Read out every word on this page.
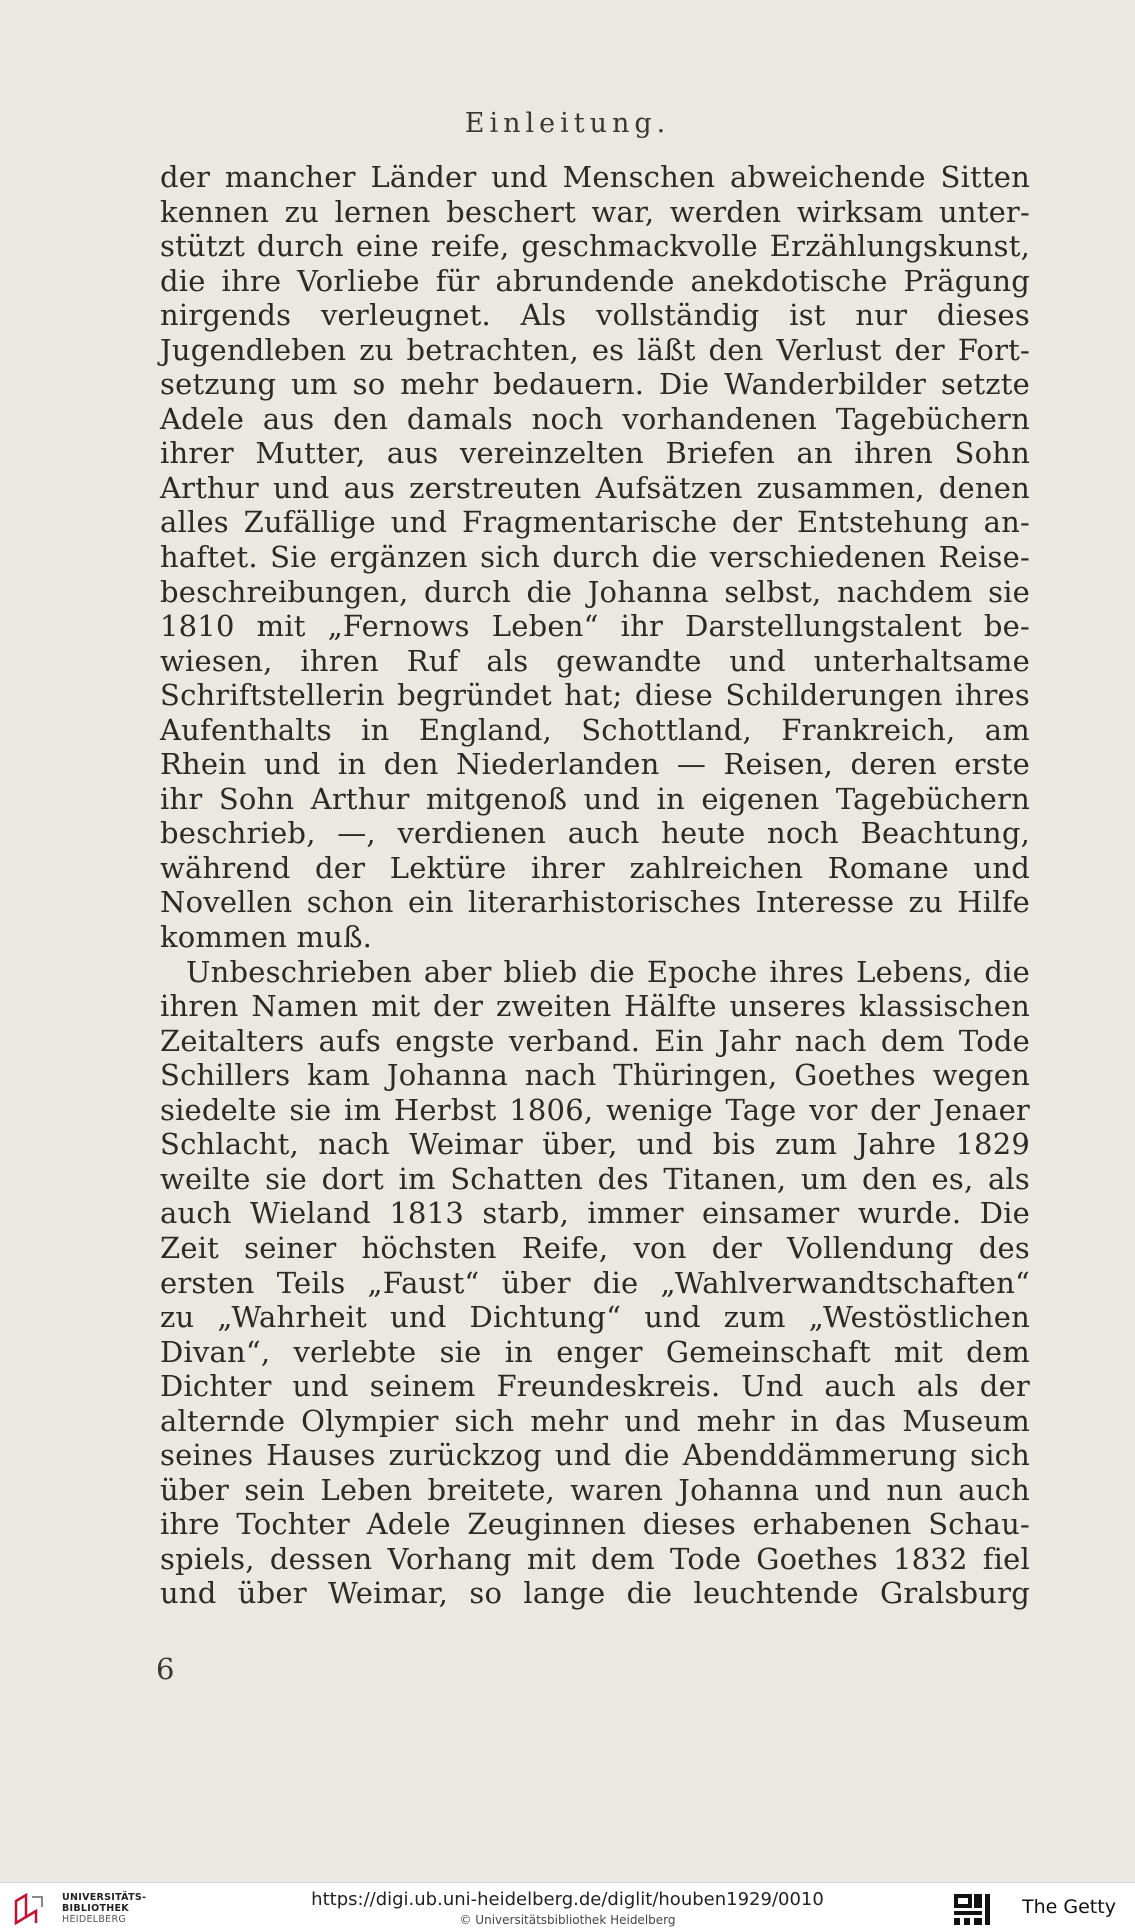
Einleitung.
der mancher Länder und Menschen abweichende Sitten
kennen zu lernen beschert war, werden wirksam unter-
stützt durch eine reife, geschmackvolle Erzählungskunst,
die ihre Vorliebe für abrundende anekdotische Prägung
nirgends verleugnet. Als vollständig ist nur dieses
Jugendleben zu betrachten, es läßt den Verlust der Fort-
setzung um so mehr bedauern. Die Wanderbilder setzte
Adele aus den damals noch vorhandenen Tagebüchern
ihrer Mutter, aus vereinzelten Briefen an ihren Sohn
Arthur und aus zerstreuten Aufsätzen zusammen, denen
alles Zufällige und Fragmentarische der Entstehung an-
haftet. Sie ergänzen sich durch die verschiedenen Reise-
beschreibungen, durch die Johanna selbst, nachdem sie
1810 mit „Fernows Leben“ ihr Darstellungstalent be-
wiesen, ihren Ruf als gewandte und unterhaltsame
Schriftstellerin begründet hat; diese Schilderungen ihres
Aufenthalts in England, Schottland, Frankreich, am
Rhein und in den Niederlanden — Reisen, deren erste
ihr Sohn Arthur mitgenoß und in eigenen Tagebüchern
beschrieb, —, verdienen auch heute noch Beachtung,
während der Lektüre ihrer zahlreichen Romane und
Novellen schon ein literarhistorisches Interesse zu Hilfe
kommen muß.
Unbeschrieben aber blieb die Epoche ihres Lebens, die
ihren Namen mit der zweiten Hälfte unseres klassischen
Zeitalters aufs engste verband. Ein Jahr nach dem Tode
Schillers kam Johanna nach Thüringen, Goethes wegen
siedelte sie im Herbst 1806, wenige Tage vor der Jenaer
Schlacht, nach Weimar über, und bis zum Jahre 1829
weilte sie dort im Schatten des Titanen, um den es, als
auch Wieland 1813 starb, immer einsamer wurde. Die
Zeit seiner höchsten Reife, von der Vollendung des
ersten Teils „Faust“ über die „Wahlverwandtschaften“
zu „Wahrheit und Dichtung“ und zum „Westöstlichen
Divan“, verlebte sie in enger Gemeinschaft mit dem
Dichter und seinem Freundeskreis. Und auch als der
alternde Olympier sich mehr und mehr in das Museum
seines Hauses zurückzog und die Abenddämmerung sich
über sein Leben breitete, waren Johanna und nun auch
ihre Tochter Adele Zeuginnen dieses erhabenen Schau-
spiels, dessen Vorhang mit dem Tode Goethes 1832 fiel
und über Weimar, so lange die leuchtende Gralsburg
6
UNIVERSITÄTS-
BIBLIOTHEK
HEIDELBERG
https://digi.ub.uni-heidelberg.de/diglit/houben1929/0010
© Universitätsbibliothek Heidelberg
The Getty
